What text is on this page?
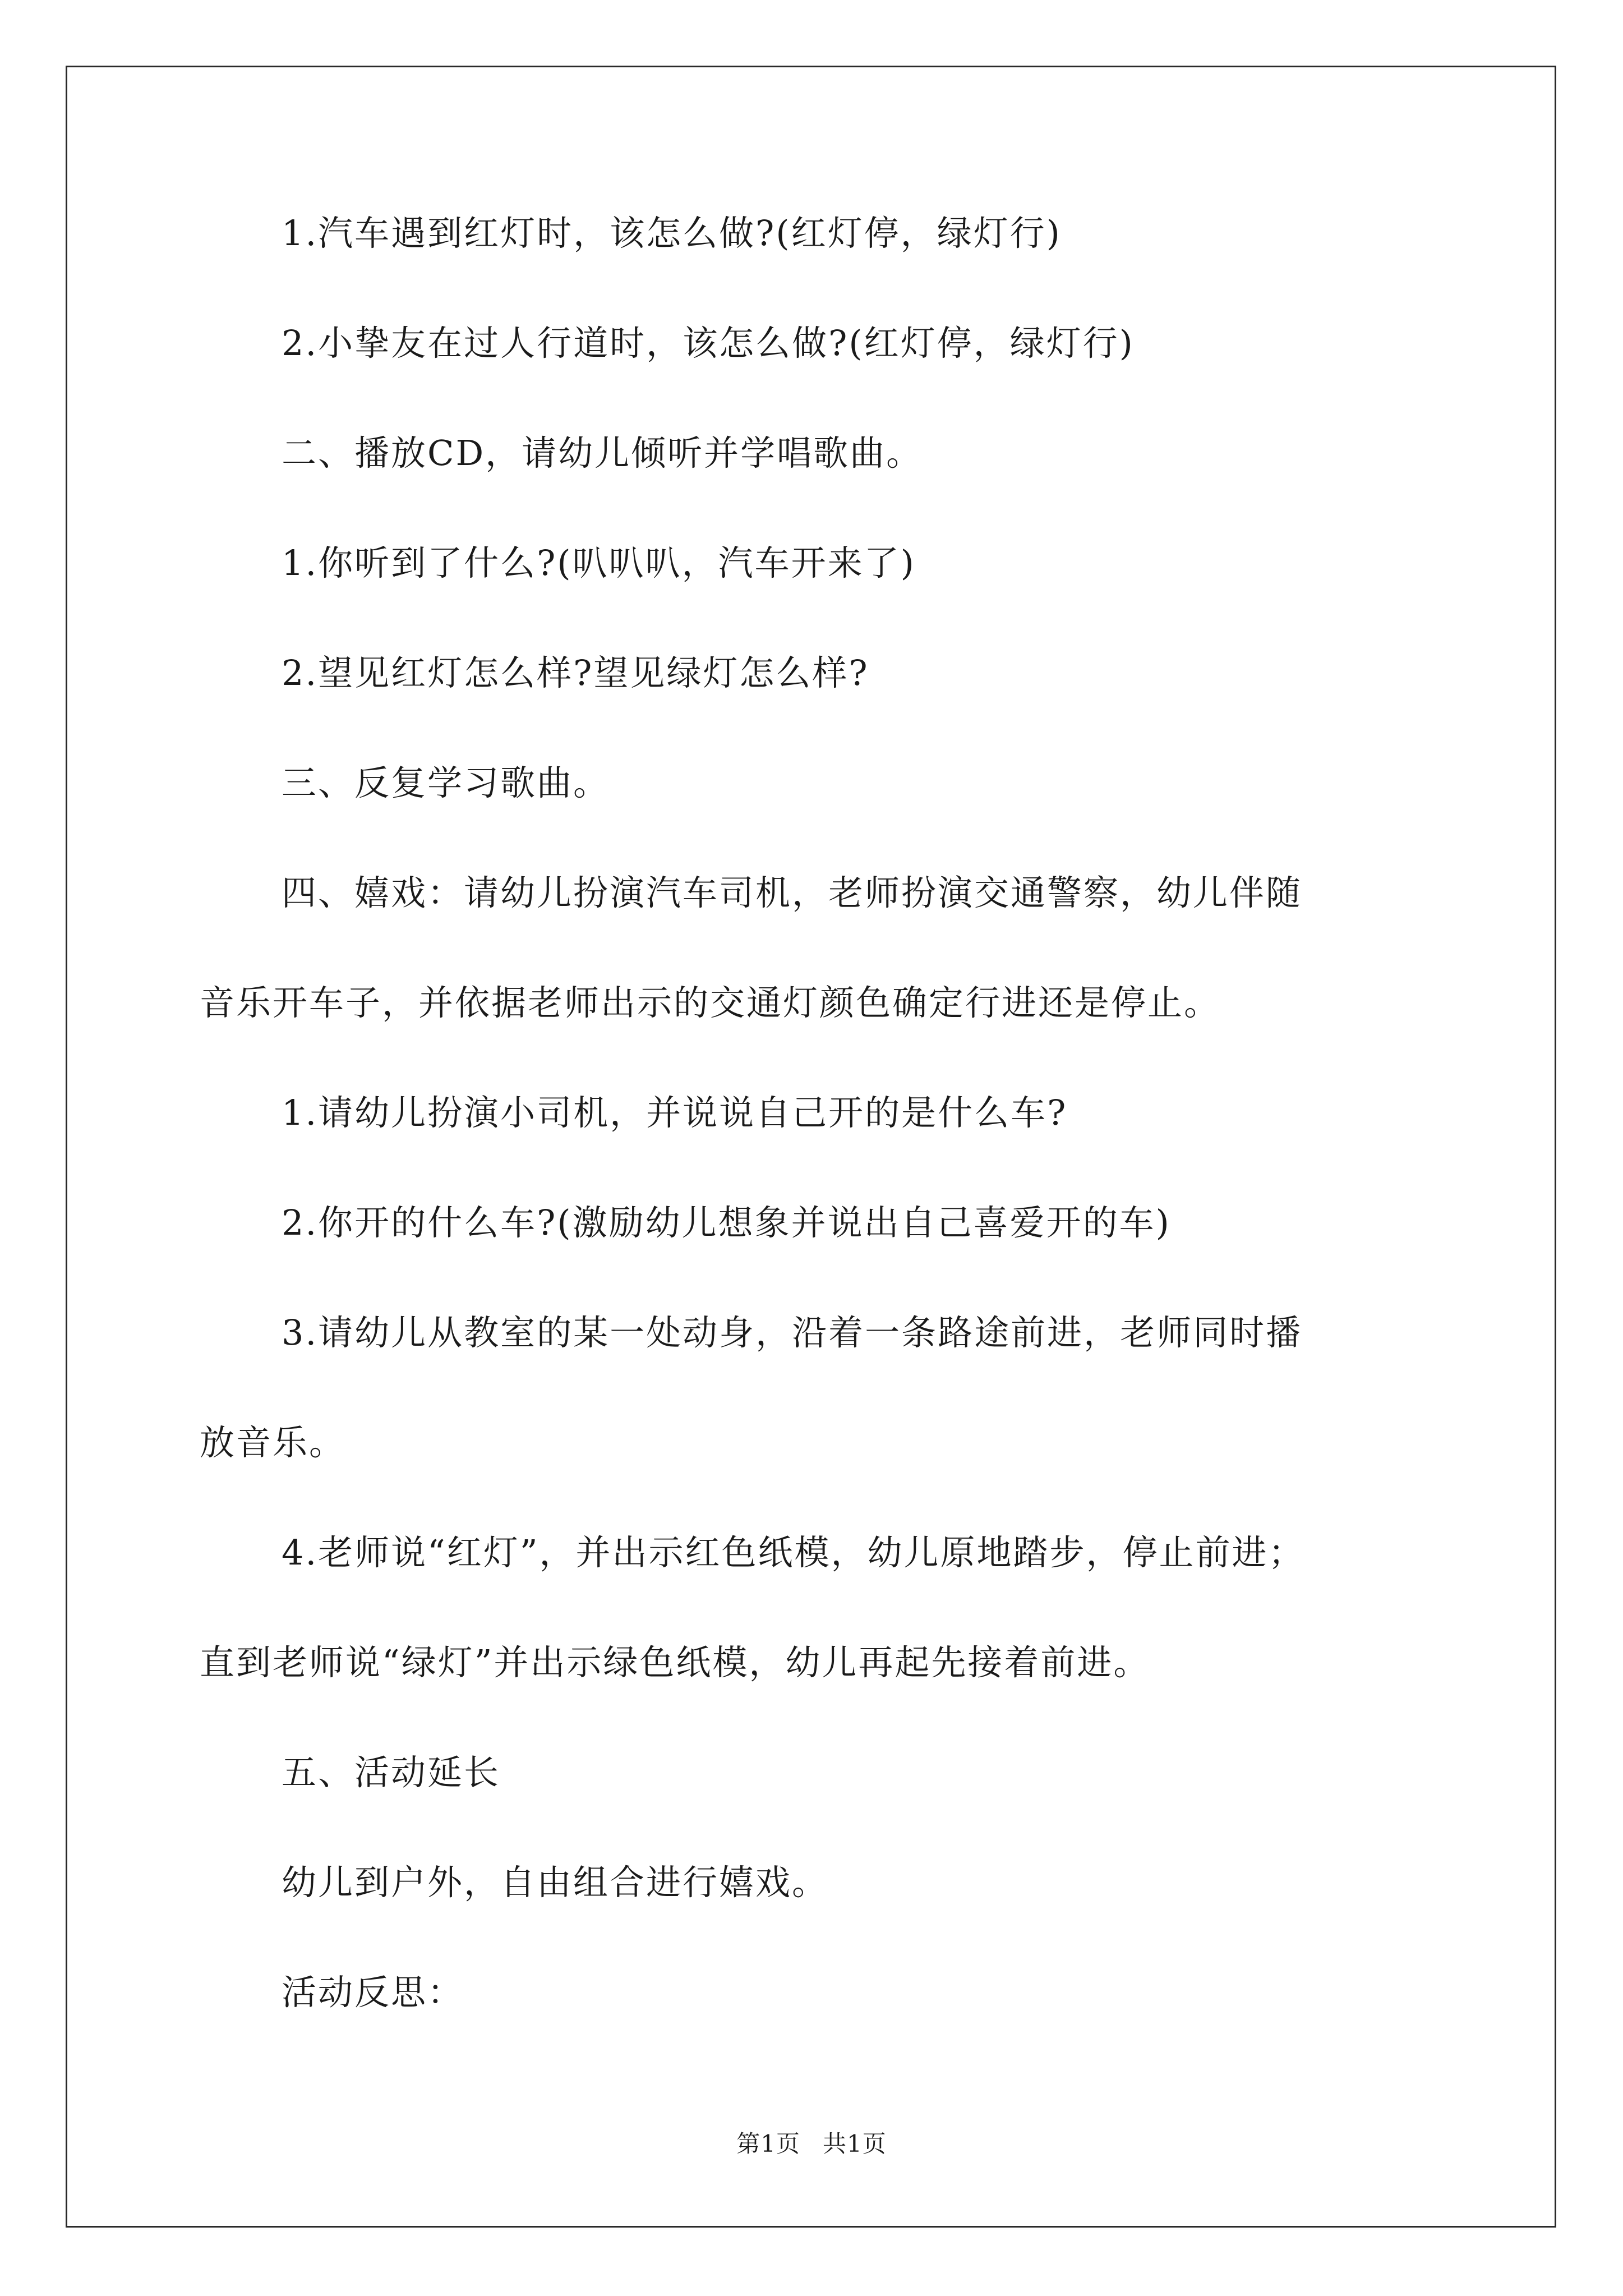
1.汽车遇到红灯时，该怎么做?(红灯停，绿灯行)

2.小挚友在过人行道时，该怎么做?(红灯停，绿灯行)

二、播放CD，请幼儿倾听并学唱歌曲。

1.你听到了什么?(叭叭叭，汽车开来了)

2.望见红灯怎么样?望见绿灯怎么样?

三、反复学习歌曲。

四、嬉戏：请幼儿扮演汽车司机，老师扮演交通警察，幼儿伴随
音乐开车子，并依据老师出示的交通灯颜色确定行进还是停止。

1.请幼儿扮演小司机，并说说自己开的是什么车?

2.你开的什么车?(激励幼儿想象并说出自己喜爱开的车)

3.请幼儿从教室的某一处动身，沿着一条路途前进，老师同时播
放音乐。
4.老师说“红灯”，并出示红色纸模，幼儿原地踏步，停止前进；
直到老师说“绿灯”并出示绿色纸模，幼儿再起先接着前进。

五、活动延长

幼儿到户外，自由组合进行嬉戏。

活动反思：

第1页 共1页
